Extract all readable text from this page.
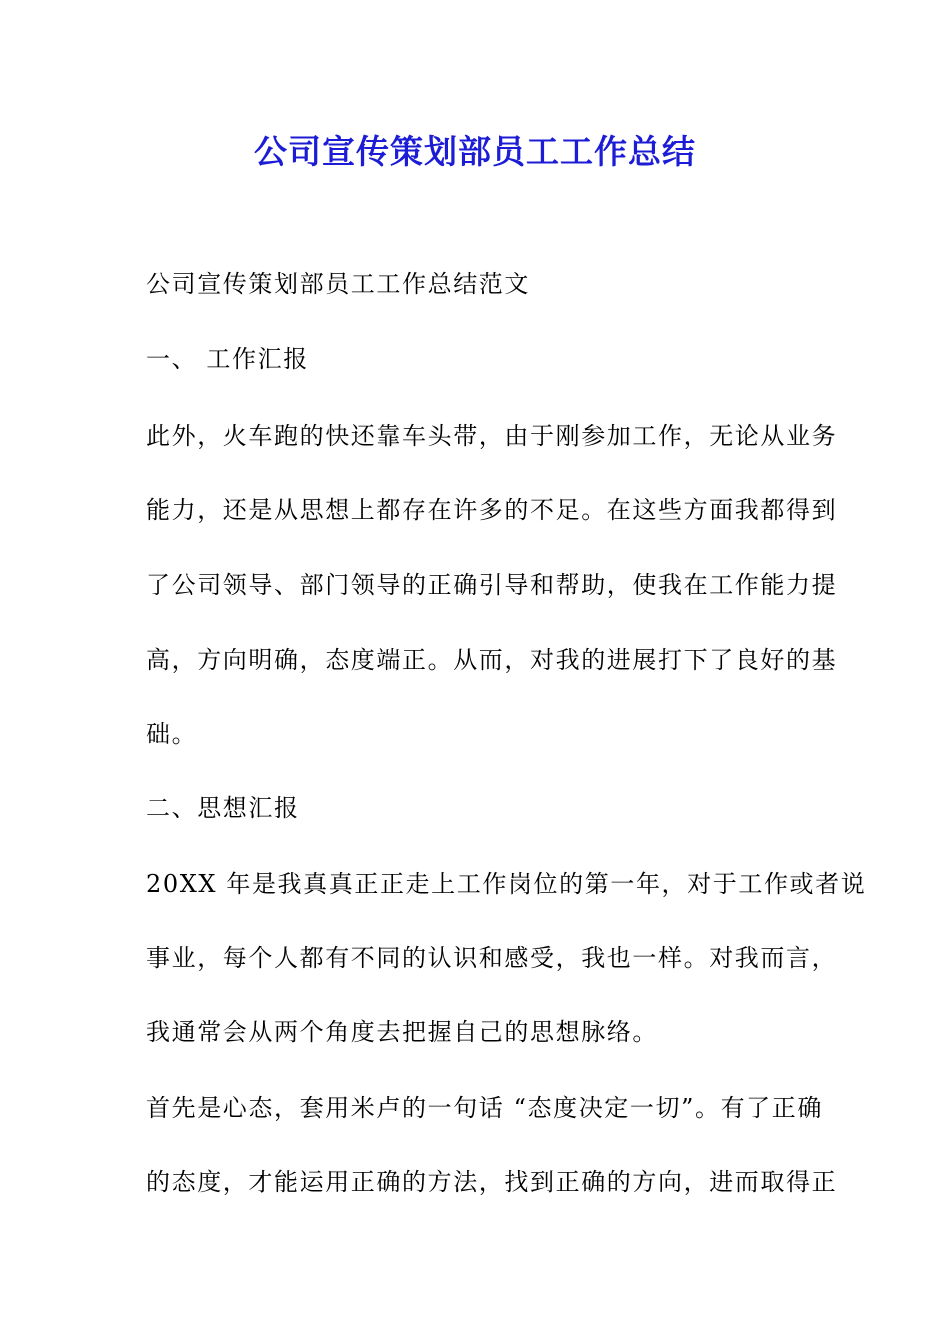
公司宣传策划部员工工作总结
公司宣传策划部员工工作总结范文
一、 工作汇报
此外，火车跑的快还靠车头带，由于刚参加工作，无论从业务
能力，还是从思想上都存在许多的不足。在这些方面我都得到
了公司领导、部门领导的正确引导和帮助，使我在工作能力提
高，方向明确，态度端正。从而，对我的进展打下了良好的基
础。
二、思想汇报
20XX 年是我真真正正走上工作岗位的第一年，对于工作或者说
事业，每个人都有不同的认识和感受，我也一样。对我而言，
我通常会从两个角度去把握自己的思想脉络。
首先是心态，套用米卢的一句话 “态度决定一切”。有了正确
的态度，才能运用正确的方法，找到正确的方向，进而取得正
